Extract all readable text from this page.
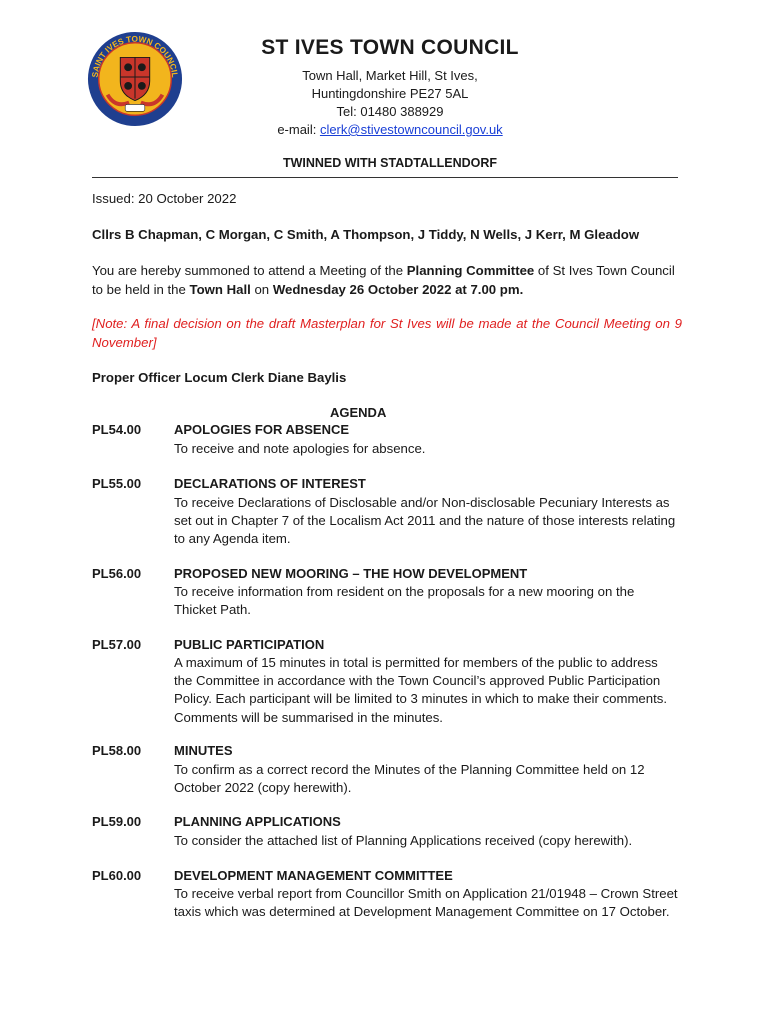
SAINT IVES TOWN COUNCIL
ST IVES TOWN COUNCIL
Town Hall, Market Hill, St Ives,
Huntingdonshire PE27 5AL
Tel: 01480 388929
e-mail: clerk@stivestowncouncil.gov.uk
TWINNED WITH STADTALLENDORF
Issued: 20 October 2022
Cllrs B Chapman, C Morgan, C Smith, A Thompson, J Tiddy, N Wells, J Kerr, M Gleadow
You are hereby summoned to attend a Meeting of the Planning Committee of St Ives Town Council to be held in the Town Hall on Wednesday 26 October 2022 at 7.00 pm.
[Note: A final decision on the draft Masterplan for St Ives will be made at the Council Meeting on 9 November]
Proper Officer Locum Clerk Diane Baylis
AGENDA
PL54.00	APOLOGIES FOR ABSENCE
To receive and note apologies for absence.
PL55.00	DECLARATIONS OF INTEREST
To receive Declarations of Disclosable and/or Non-disclosable Pecuniary Interests as set out in Chapter 7 of the Localism Act 2011 and the nature of those interests relating to any Agenda item.
PL56.00	PROPOSED NEW MOORING – THE HOW DEVELOPMENT
To receive information from resident on the proposals for a new mooring on the Thicket Path.
PL57.00	PUBLIC PARTICIPATION
A maximum of 15 minutes in total is permitted for members of the public to address the Committee in accordance with the Town Council’s approved Public Participation Policy. Each participant will be limited to 3 minutes in which to make their comments. Comments will be summarised in the minutes.
PL58.00	MINUTES
To confirm as a correct record the Minutes of the Planning Committee held on 12 October 2022 (copy herewith).
PL59.00	PLANNING APPLICATIONS
To consider the attached list of Planning Applications received (copy herewith).
PL60.00	DEVELOPMENT MANAGEMENT COMMITTEE
To receive verbal report from Councillor Smith on Application 21/01948 – Crown Street taxis which was determined at Development Management Committee on 17 October.
